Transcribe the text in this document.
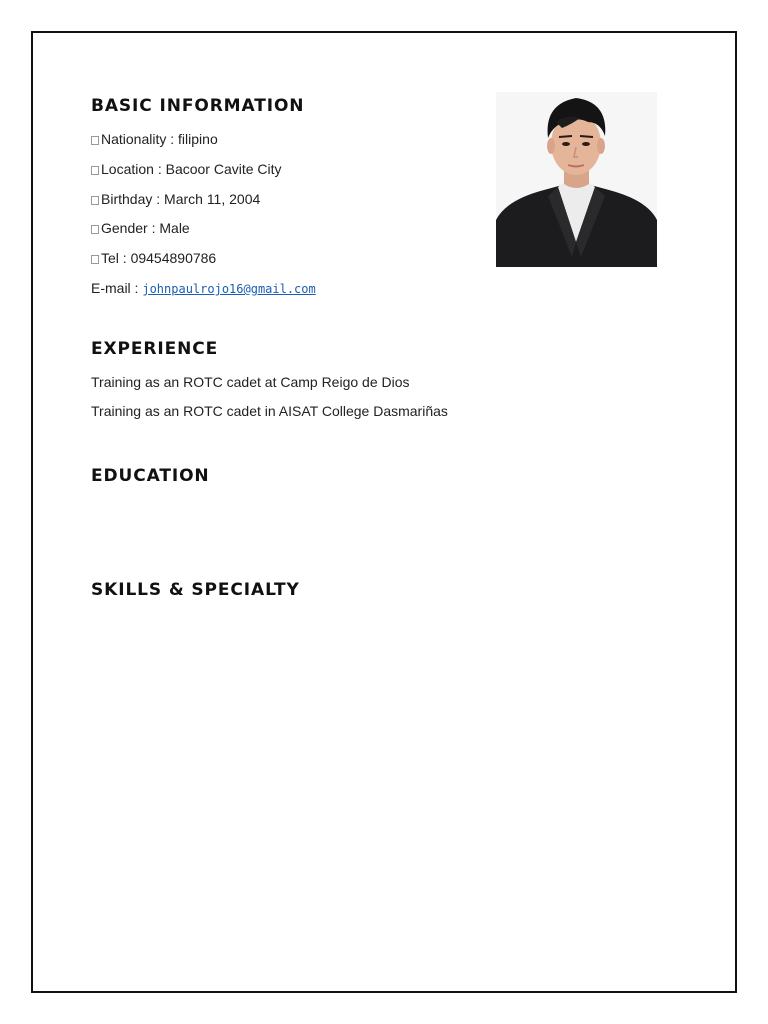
BASIC INFORMATION
Nationality : filipino
Location : Bacoor Cavite City
Birthday : March 11, 2004
Gender : Male
Tel : 09454890786
E-mail : johnpaulrojo16@gmail.com
EXPERIENCE
Training as an ROTC cadet at Camp Reigo de Dios
Training as an ROTC cadet in AISAT College Dasmariñas
EDUCATION
SKILLS & SPECIALTY
